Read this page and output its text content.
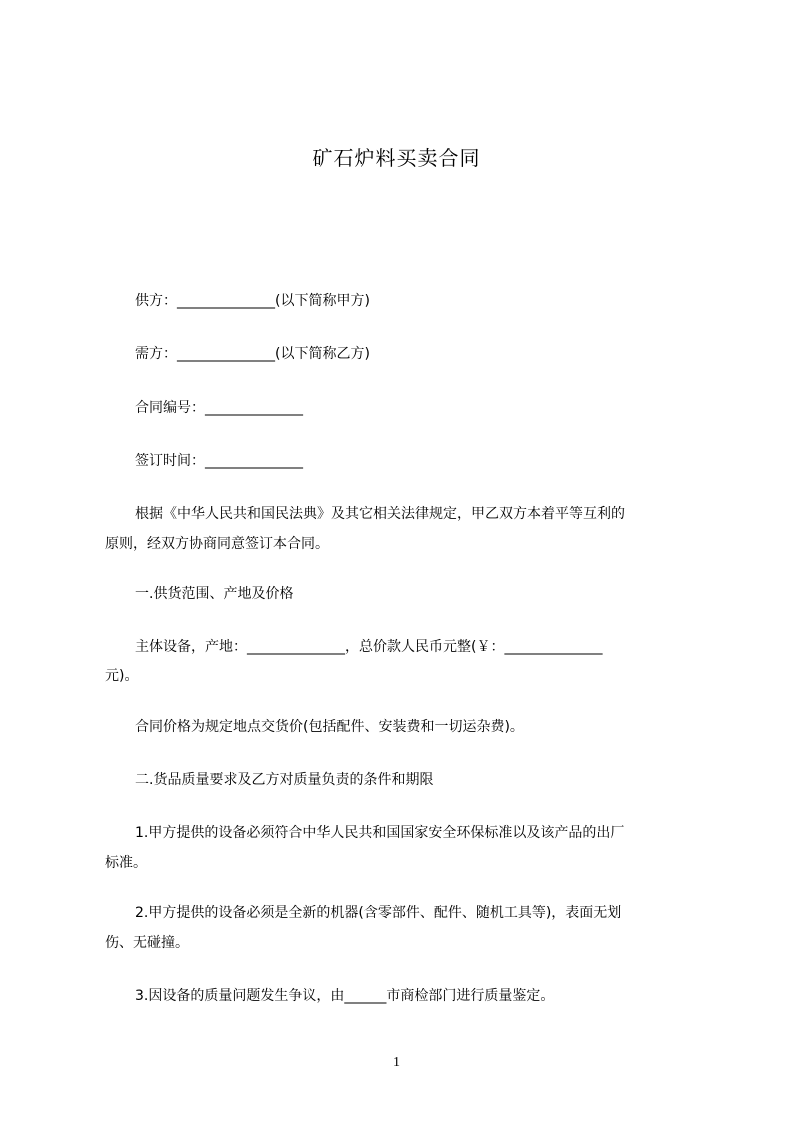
矿石炉料买卖合同
供方：______________(以下简称甲方)
需方：______________(以下简称乙方)
合同编号：______________
签订时间：______________
根据《中华人民共和国民法典》及其它相关法律规定，甲乙双方本着平等互利的
原则，经双方协商同意签订本合同。
一.供货范围、产地及价格
主体设备，产地：______________，总价款人民币元整(￥：______________
元)。
合同价格为规定地点交货价(包括配件、安装费和一切运杂费)。
二.货品质量要求及乙方对质量负责的条件和期限
1.甲方提供的设备必须符合中华人民共和国国家安全环保标准以及该产品的出厂
标准。
2.甲方提供的设备必须是全新的机器(含零部件、配件、随机工具等)，表面无划
伤、无碰撞。
3.因设备的质量问题发生争议，由______市商检部门进行质量鉴定。
1
